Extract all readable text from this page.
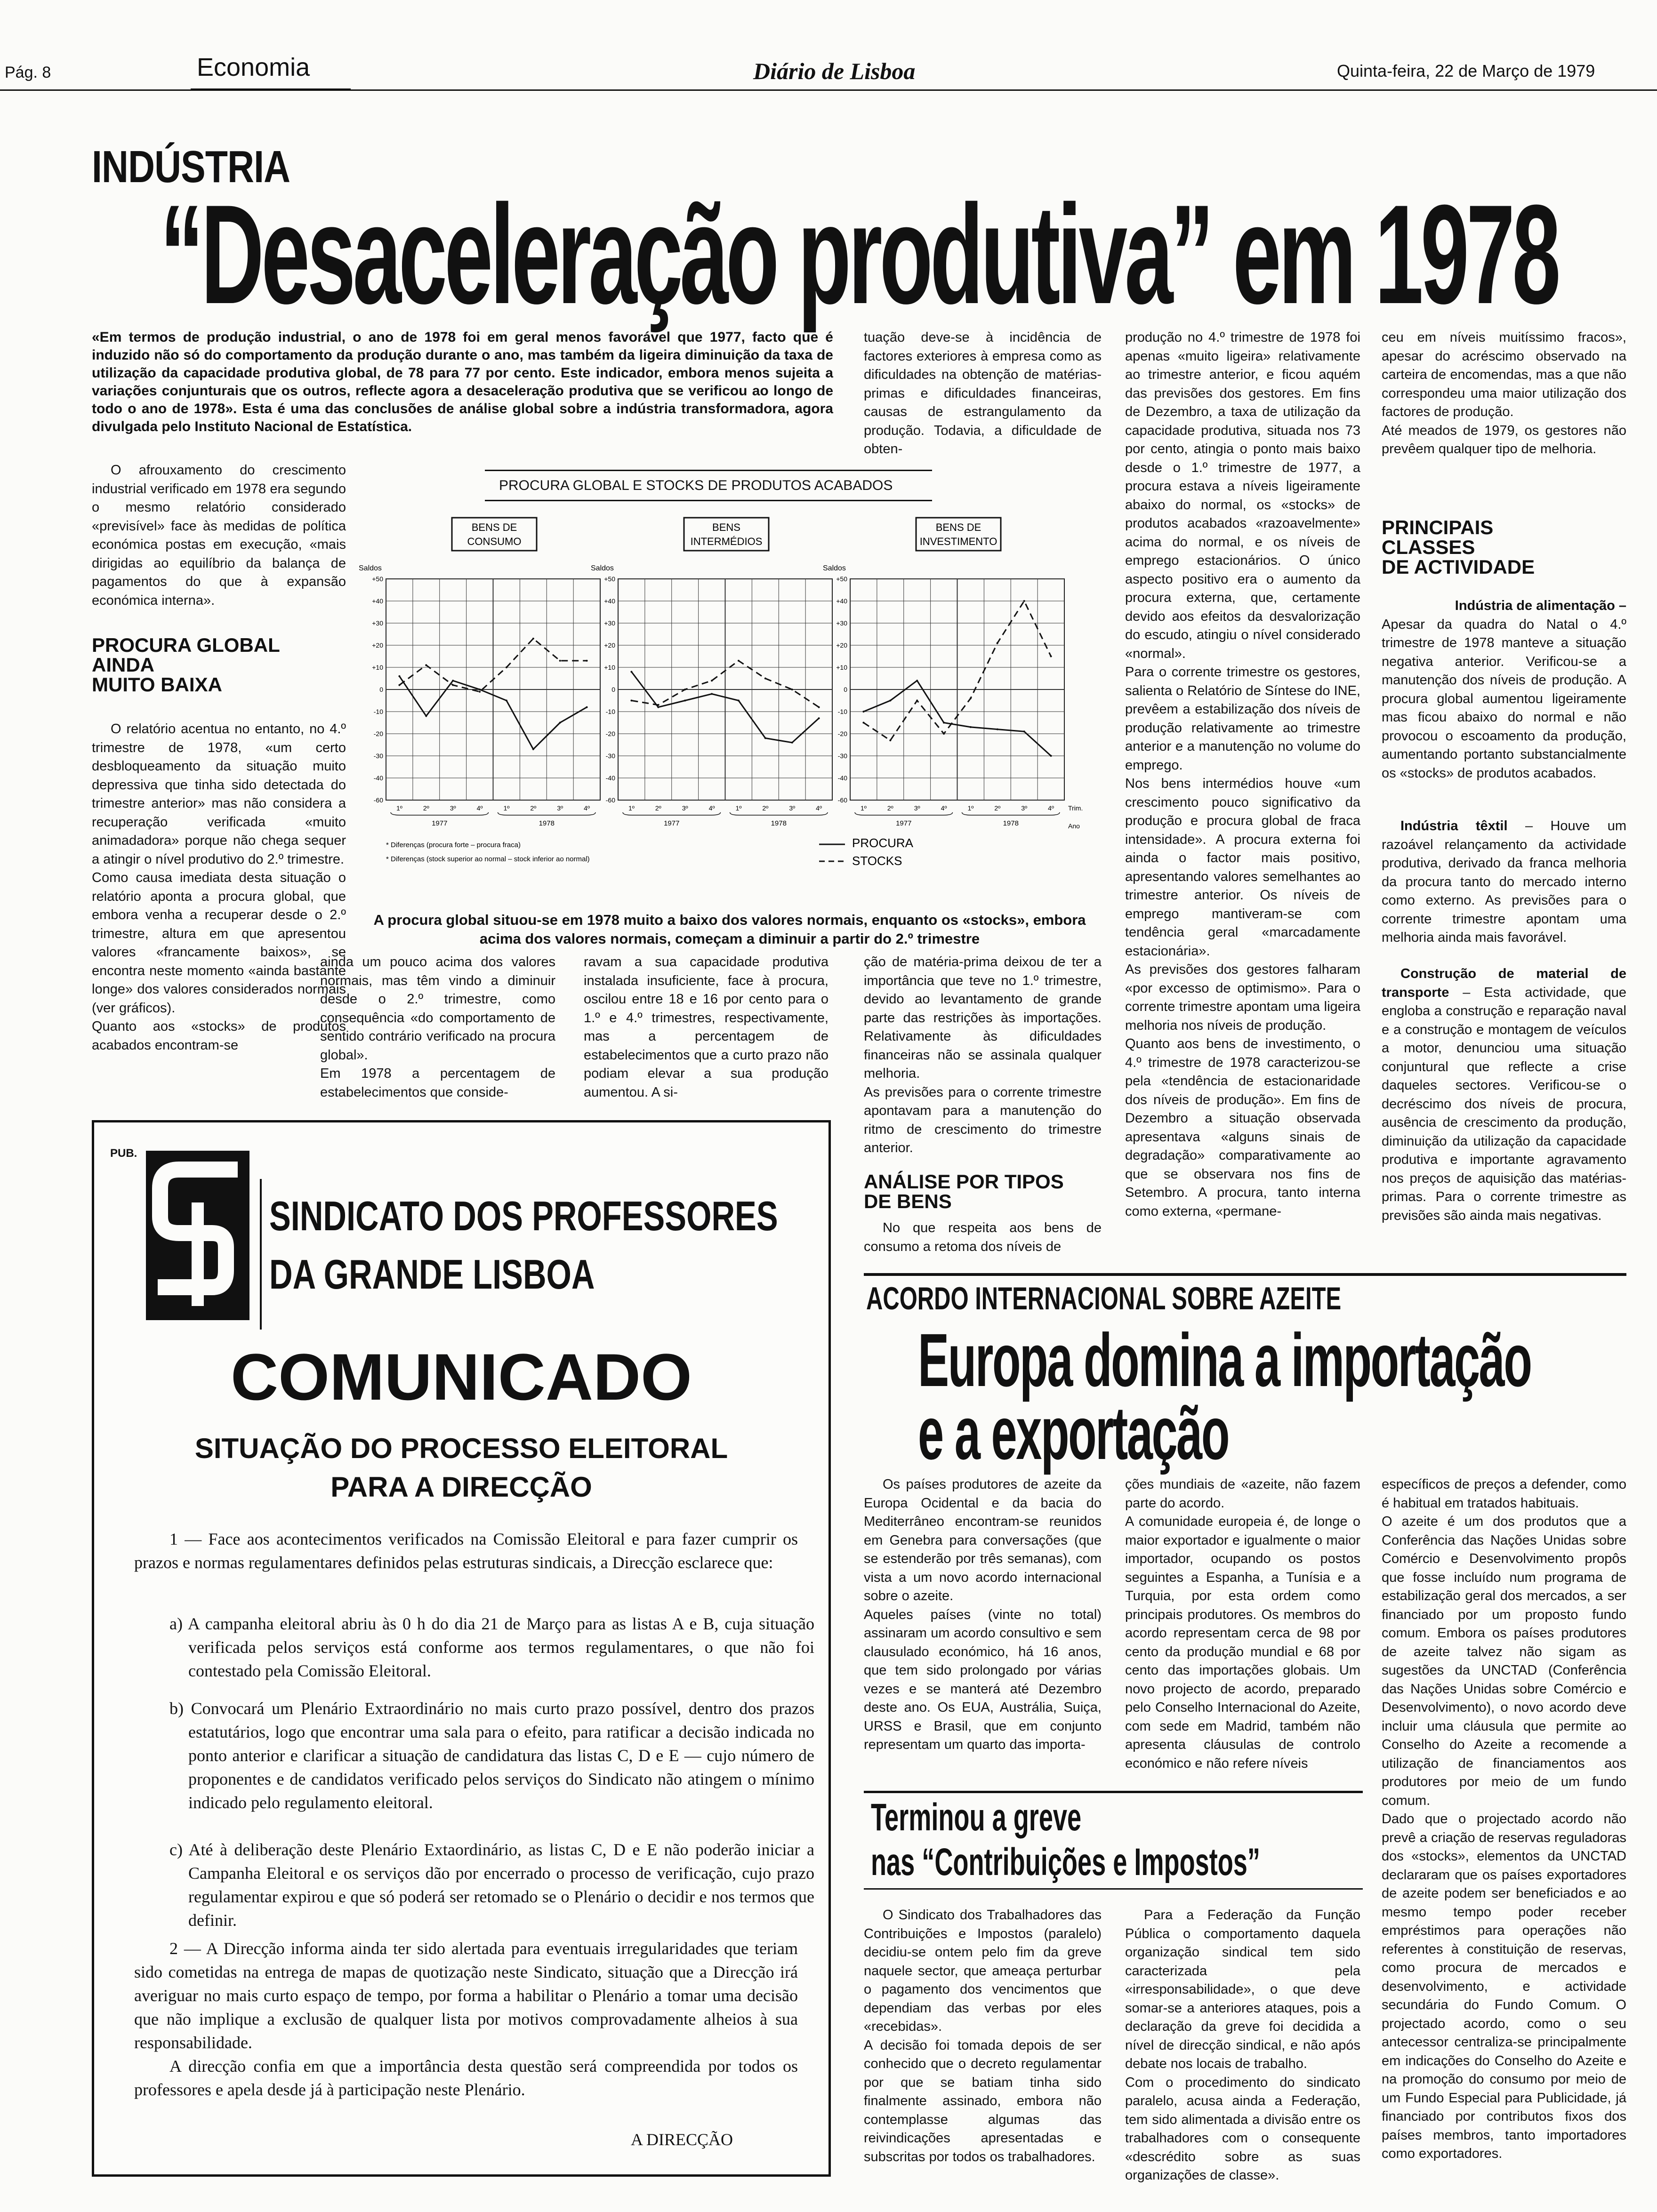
Pág. 8	Economia	Diário de Lisboa	Quinta-feira, 22 de Março de 1979
INDÚSTRIA
“Desaceleração produtiva” em 1978

«Em termos de produção industrial, o ano de 1978 foi em geral menos favorável que 1977, facto que é induzido não só do comportamento da produção durante o ano, mas também da ligeira diminuição da taxa de utilização da capacidade produtiva global, de 78 para 77 por cento. Este indicador, embora menos sujeita a variações conjunturais que os outros, reflecte agora a desaceleração produtiva que se verificou ao longo de todo o ano de 1978». Esta é uma das conclusões de análise global sobre a indústria transformadora, agora divulgada pelo Instituto Nacional de Estatística.

O afrouxamento do crescimento industrial verificado em 1978 era segundo o mesmo relatório considerado «previsível» face às medidas de política económica postas em execução, «mais dirigidas ao equilíbrio da balança de pagamentos do que à expansão económica interna».

PROCURA GLOBAL
AINDA
MUITO BAIXA

O relatório acentua no entanto, no 4.º trimestre de 1978, «um certo desbloqueamento da situação muito depressiva que tinha sido detectada do trimestre anterior» mas não considera a recuperação verificada «muito animadadora» porque não chega sequer a atingir o nível produtivo do 2.º trimestre.
Como causa imediata desta situação o relatório aponta a procura global, que embora venha a recuperar desde o 2.º trimestre, altura em que apresentou valores «francamente baixos», se encontra neste momento «ainda bastante longe» dos valores considerados normais (ver gráficos).
Quanto aos «stocks» de produtos acabados encontram-se

tuação deve-se à incidência de factores exteriores à empresa como as dificuldades na obtenção de matérias-primas e dificuldades financeiras, causas de estrangulamento da produção. Todavia, a dificuldade de obten-

PROCURA GLOBAL E STOCKS DE PRODUTOS ACABADOS
BENS DE
CONSUMO
Saldos
+50
+40
+30
+20
+10
0
-10
-20
-30
-40
-60
1º	2º	3º	4º	1º	2º	3º	4º
1977	1978
BENS
INTERMÉDIOS
Saldos
+50
+40
+30
+20
+10
0
-10
-20
-30
-40
-60
1º	2º	3º	4º	1º	2º	3º	4º
1977	1978
BENS DE
INVESTIMENTO
Saldos
+50
+40
+30
+20
+10
0
-10
-20
-30
-40
-60
1º	2º	3º	4º	1º	2º	3º	4º
1977	1978
Trim.
Ano
* Diferenças (procura forte – procura fraca)
* Diferenças (stock superior ao normal – stock inferior ao normal)
PROCURA
STOCKS

A procura global situou-se em 1978 muito a baixo dos valores normais, enquanto os «stocks», embora acima dos valores normais, começam a diminuir a partir do 2.º trimestre

ainda um pouco acima dos valores normais, mas têm vindo a diminuir desde o 2.º trimestre, como consequência «do comportamento de sentido contrário verificado na procura global».
Em 1978 a percentagem de estabelecimentos que conside-

ravam a sua capacidade produtiva instalada insuficiente, face à procura, oscilou entre 18 e 16 por cento para o 1.º e 4.º trimestres, respectivamente, mas a percentagem de estabelecimentos que a curto prazo não podiam elevar a sua produção aumentou. A si-

ção de matéria-prima deixou de ter a importância que teve no 1.º trimestre, devido ao levantamento de grande parte das restrições às importações. Relativamente às dificuldades financeiras não se assinala qualquer melhoria.
As previsões para o corrente trimestre apontavam para a manutenção do ritmo de crescimento do trimestre anterior.

ANÁLISE POR TIPOS
DE BENS

No que respeita aos bens de consumo a retoma dos níveis de

produção no 4.º trimestre de 1978 foi apenas «muito ligeira» relativamente ao trimestre anterior, e ficou aquém das previsões dos gestores. Em fins de Dezembro, a taxa de utilização da capacidade produtiva, situada nos 73 por cento, atingia o ponto mais baixo desde o 1.º trimestre de 1977, a procura estava a níveis ligeiramente abaixo do normal, os «stocks» de produtos acabados «razoavelmente» acima do normal, e os níveis de emprego estacionários. O único aspecto positivo era o aumento da procura externa, que, certamente devido aos efeitos da desvalorização do escudo, atingiu o nível considerado «normal».
Para o corrente trimestre os gestores, salienta o Relatório de Síntese do INE, prevêem a estabilização dos níveis de produção relativamente ao trimestre anterior e a manutenção no volume do emprego.
Nos bens intermédios houve «um crescimento pouco significativo da produção e procura global de fraca intensidade». A procura externa foi ainda o factor mais positivo, apresentando valores semelhantes ao trimestre anterior. Os níveis de emprego mantiveram-se com tendência geral «marcadamente estacionária».
As previsões dos gestores falharam «por excesso de optimismo». Para o corrente trimestre apontam uma ligeira melhoria nos níveis de produção.
Quanto aos bens de investimento, o 4.º trimestre de 1978 caracterizou-se pela «tendência de estacionaridade dos níveis de produção». Em fins de Dezembro a situação observada apresentava «alguns sinais de degradação» comparativamente ao que se observara nos fins de Setembro. A procura, tanto interna como externa, «permane-

ceu em níveis muitíssimo fracos», apesar do acréscimo observado na carteira de encomendas, mas a que não correspondeu uma maior utilização dos factores de produção.
Até meados de 1979, os gestores não prevêem qualquer tipo de melhoria.

PRINCIPAIS
CLASSES
DE ACTIVIDADE

Indústria de alimentação –

Apesar da quadra do Natal o 4.º trimestre de 1978 manteve a situação negativa anterior. Verificou-se a manutenção dos níveis de produção. A procura global aumentou ligeiramente mas ficou abaixo do normal e não provocou o escoamento da produção, aumentando portanto substancialmente os «stocks» de produtos acabados.

Indústria têxtil – Houve um razoável relançamento da actividade produtiva, derivado da franca melhoria da procura tanto do mercado interno como externo. As previsões para o corrente trimestre apontam uma melhoria ainda mais favorável.

Construção de material de transporte – Esta actividade, que engloba a construção e reparação naval e a construção e montagem de veículos a motor, denunciou uma situação conjuntural que reflecte a crise daqueles sectores. Verificou-se o decréscimo dos níveis de procura, ausência de crescimento da produção, diminuição da utilização da capacidade produtiva e importante agravamento nos preços de aquisição das matérias-primas. Para o corrente trimestre as previsões são ainda mais negativas.

PUB.
SINDICATO DOS PROFESSORES
DA GRANDE LISBOA
COMUNICADO
SITUAÇÃO DO PROCESSO ELEITORAL
PARA A DIRECÇÃO

1 — Face aos acontecimentos verificados na Comissão Eleitoral e para fazer cumprir os prazos e normas regulamentares definidos pelas estruturas sindicais, a Direcção esclarece que:

a) A campanha eleitoral abriu às 0 h do dia 21 de Março para as listas A e B, cuja situação verificada pelos serviços está conforme aos termos regulamentares, o que não foi contestado pela Comissão Eleitoral.

b) Convocará um Plenário Extraordinário no mais curto prazo possível, dentro dos prazos estatutários, logo que encontrar uma sala para o efeito, para ratificar a decisão indicada no ponto anterior e clarificar a situação de candidatura das listas C, D e E — cujo número de proponentes e de candidatos verificado pelos serviços do Sindicato não atingem o mínimo indicado pelo regulamento eleitoral.

c) Até à deliberação deste Plenário Extaordinário, as listas C, D e E não poderão iniciar a Campanha Eleitoral e os serviços dão por encerrado o processo de verificação, cujo prazo regulamentar expirou e que só poderá ser retomado se o Plenário o decidir e nos termos que definir.

2 — A Direcção informa ainda ter sido alertada para eventuais irregularidades que teriam sido cometidas na entrega de mapas de quotização neste Sindicato, situação que a Direcção irá averiguar no mais curto espaço de tempo, por forma a habilitar o Plenário a tomar uma decisão que não implique a exclusão de qualquer lista por motivos comprovadamente alheios à sua responsabilidade.

A direcção confia em que a importância desta questão será compreendida por todos os professores e apela desde já à participação neste Plenário.

A DIRECÇÃO
ACORDO INTERNACIONAL SOBRE AZEITE
Europa domina a importação
e a exportação

Os países produtores de azeite da Europa Ocidental e da bacia do Mediterrâneo encontram-se reunidos em Genebra para conversações (que se estenderão por três semanas), com vista a um novo acordo internacional sobre o azeite.
Aqueles países (vinte no total) assinaram um acordo consultivo e sem clausulado económico, há 16 anos, que tem sido prolongado por várias vezes e se manterá até Dezembro deste ano. Os EUA, Austrália, Suiça, URSS e Brasil, que em conjunto representam um quarto das importa-

ções mundiais de «azeite, não fazem parte do acordo.
A comunidade europeia é, de longe o maior exportador e igualmente o maior importador, ocupando os postos seguintes a Espanha, a Tunísia e a Turquia, por esta ordem como principais produtores. Os membros do acordo representam cerca de 98 por cento da produção mundial e 68 por cento das importações globais. Um novo projecto de acordo, preparado pelo Conselho Internacional do Azeite, com sede em Madrid, também não apresenta cláusulas de controlo económico e não refere níveis

específicos de preços a defender, como é habitual em tratados habituais.
O azeite é um dos produtos que a Conferência das Nações Unidas sobre Comércio e Desenvolvimento propôs que fosse incluído num programa de estabilização geral dos mercados, a ser financiado por um proposto fundo comum. Embora os países produtores de azeite talvez não sigam as sugestões da UNCTAD (Conferência das Nações Unidas sobre Comércio e Desenvolvimento), o novo acordo deve incluir uma cláusula que permite ao Conselho do Azeite a recomende a utilização de financiamentos aos produtores por meio de um fundo comum.
Dado que o projectado acordo não prevê a criação de reservas reguladoras dos «stocks», elementos da UNCTAD declararam que os países exportadores de azeite podem ser beneficiados e ao mesmo tempo poder receber empréstimos para operações não referentes à constituição de reservas, como procura de mercados e desenvolvimento, e actividade secundária do Fundo Comum. O projectado acordo, como o seu antecessor centraliza-se principalmente em indicações do Conselho do Azeite e na promoção do consumo por meio de um Fundo Especial para Publicidade, já financiado por contributos fixos dos países membros, tanto importadores como exportadores.

Terminou a greve
nas “Contribuições e Impostos”

O Sindicato dos Trabalhadores das Contribuições e Impostos (paralelo) decidiu-se ontem pelo fim da greve naquele sector, que ameaça perturbar o pagamento dos vencimentos que dependiam das verbas por eles «recebidas».
A decisão foi tomada depois de ser conhecido que o decreto regulamentar por que se batiam tinha sido finalmente assinado, embora não contemplasse algumas das reivindicações apresentadas e subscritas por todos os trabalhadores.

Para a Federação da Função Pública o comportamento daquela organização sindical tem sido caracterizada pela «irresponsabilidade», o que deve somar-se a anteriores ataques, pois a declaração da greve foi decidida a nível de direcção sindical, e não após debate nos locais de trabalho.
Com o procedimento do sindicato paralelo, acusa ainda a Federação, tem sido alimentada a divisão entre os trabalhadores com o consequente «descrédito sobre as suas organizações de classe».
